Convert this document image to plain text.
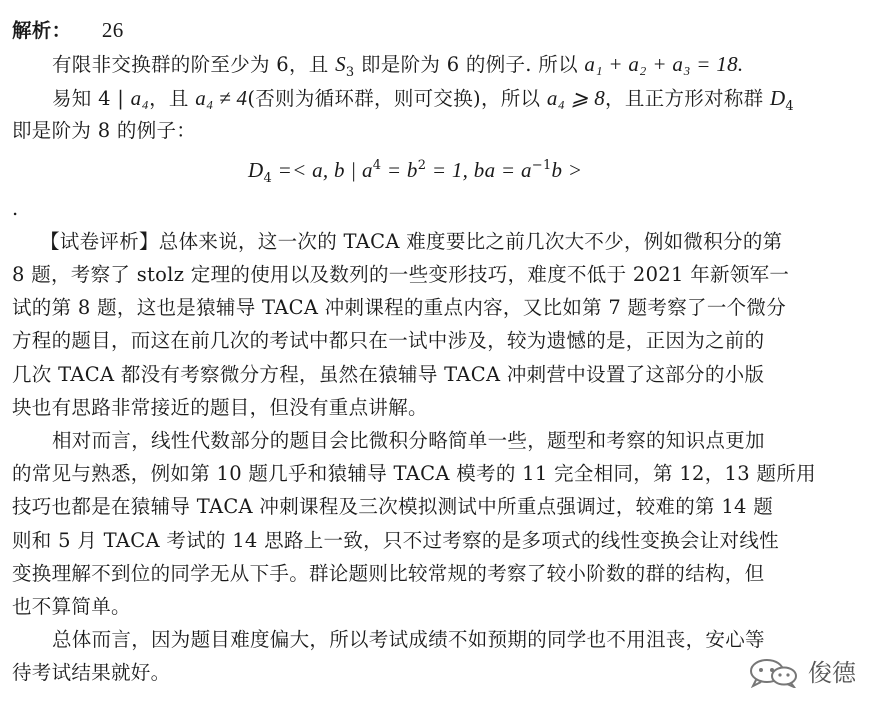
解析： 26
有限非交换群的阶至少为 6，且 $S_3$ 即是阶为 6 的例子. 所以 a₁ + a₂ + a₃ = 18.
易知 4 | a₄，且 a₄ ≠ 4(否则为循环群，则可交换)，所以 a₄ ⩾ 8，且正方形对称群 $D_4$
即是阶为 8 的例子：
$D_4 =< a$, b | $a^4 = b^2 = 1$, ba = $a^{-1}b$ >
.
【试卷评析】总体来说，这一次的 TACA 难度要比之前几次大不少，例如微积分的第
8 题，考察了 stolz 定理的使用以及数列的一些变形技巧，难度不低于 2021 年新领军一
试的第 8 题，这也是猿辅导 TACA 冲刺课程的重点内容，又比如第 7 题考察了一个微分
方程的题目，而这在前几次的考试中都只在一试中涉及，较为遗憾的是，正因为之前的
几次 TACA 都没有考察微分方程，虽然在猿辅导 TACA 冲刺营中设置了这部分的小版
块也有思路非常接近的题目，但没有重点讲解。
相对而言，线性代数部分的题目会比微积分略简单一些，题型和考察的知识点更加
的常见与熟悉，例如第 10 题几乎和猿辅导 TACA 模考的 11 完全相同，第 12，13 题所用
技巧也都是在猿辅导 TACA 冲刺课程及三次模拟测试中所重点强调过，较难的第 14 题
则和 5 月 TACA 考试的 14 思路上一致，只不过考察的是多项式的线性变换会让对线性
变换理解不到位的同学无从下手。群论题则比较常规的考察了较小阶数的群的结构，但
也不算简单。
总体而言，因为题目难度偏大，所以考试成绩不如预期的同学也不用沮丧，安心等
待考试结果就好。	俊德
